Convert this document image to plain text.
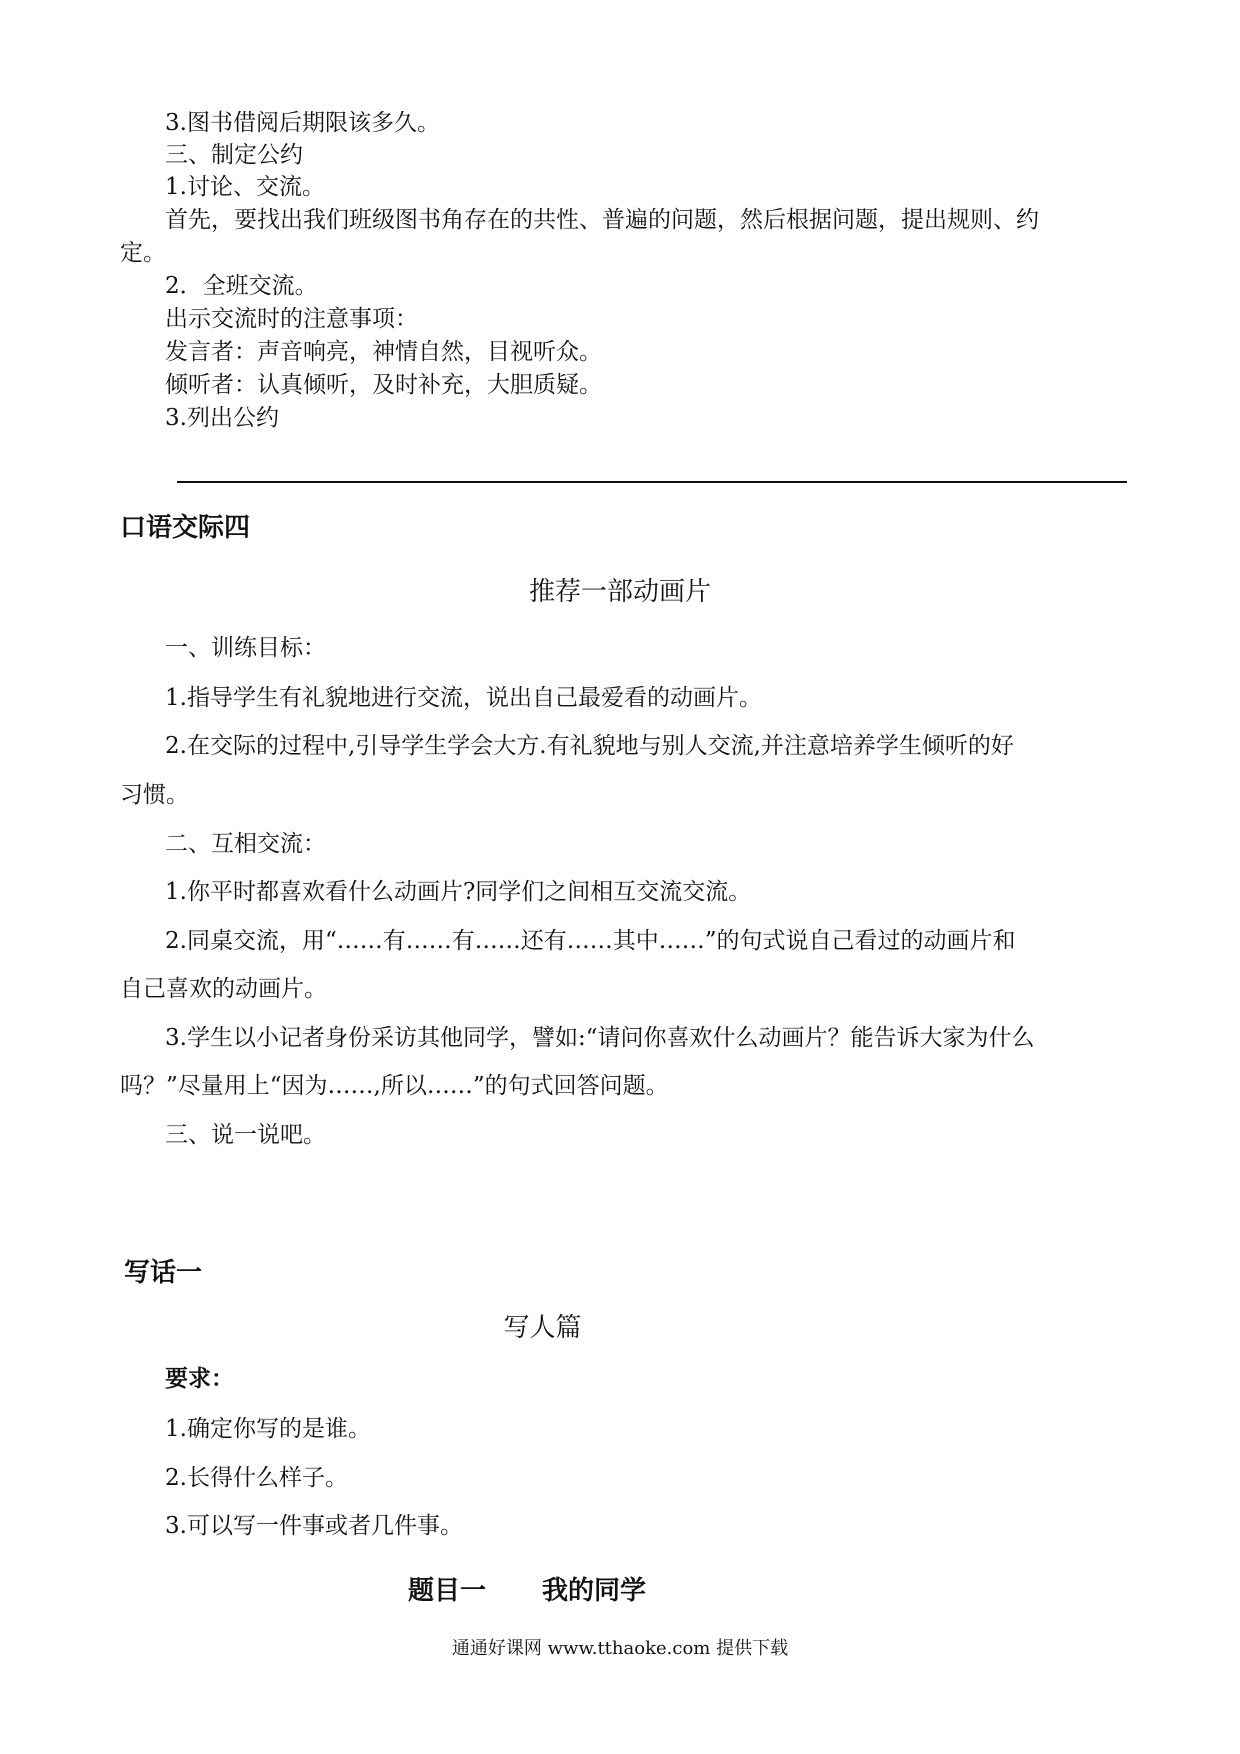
3.图书借阅后期限该多久。
三、制定公约
1.讨论、交流。
首先，要找出我们班级图书角存在的共性、普遍的问题，然后根据问题，提出规则、约
定。
2．全班交流。
出示交流时的注意事项：
发言者：声音响亮，神情自然，目视听众。
倾听者：认真倾听，及时补充，大胆质疑。
3.列出公约
口语交际四
推荐一部动画片
一、训练目标：
1.指导学生有礼貌地进行交流，说出自己最爱看的动画片。
2.在交际的过程中,引导学生学会大方.有礼貌地与别人交流,并注意培养学生倾听的好
习惯。
二、互相交流：
1.你平时都喜欢看什么动画片?同学们之间相互交流交流。
2.同桌交流，用“……有……有……还有……其中……”的句式说自己看过的动画片和
自己喜欢的动画片。
3.学生以小记者身份采访其他同学，譬如:“请问你喜欢什么动画片？能告诉大家为什么
吗？”尽量用上“因为……,所以……”的句式回答问题。
三、说一说吧。
写话一
写人篇
要求：
1.确定你写的是谁。
2.长得什么样子。
3.可以写一件事或者几件事。
题目一 我的同学
通通好课网 www.tthaoke.com 提供下载
